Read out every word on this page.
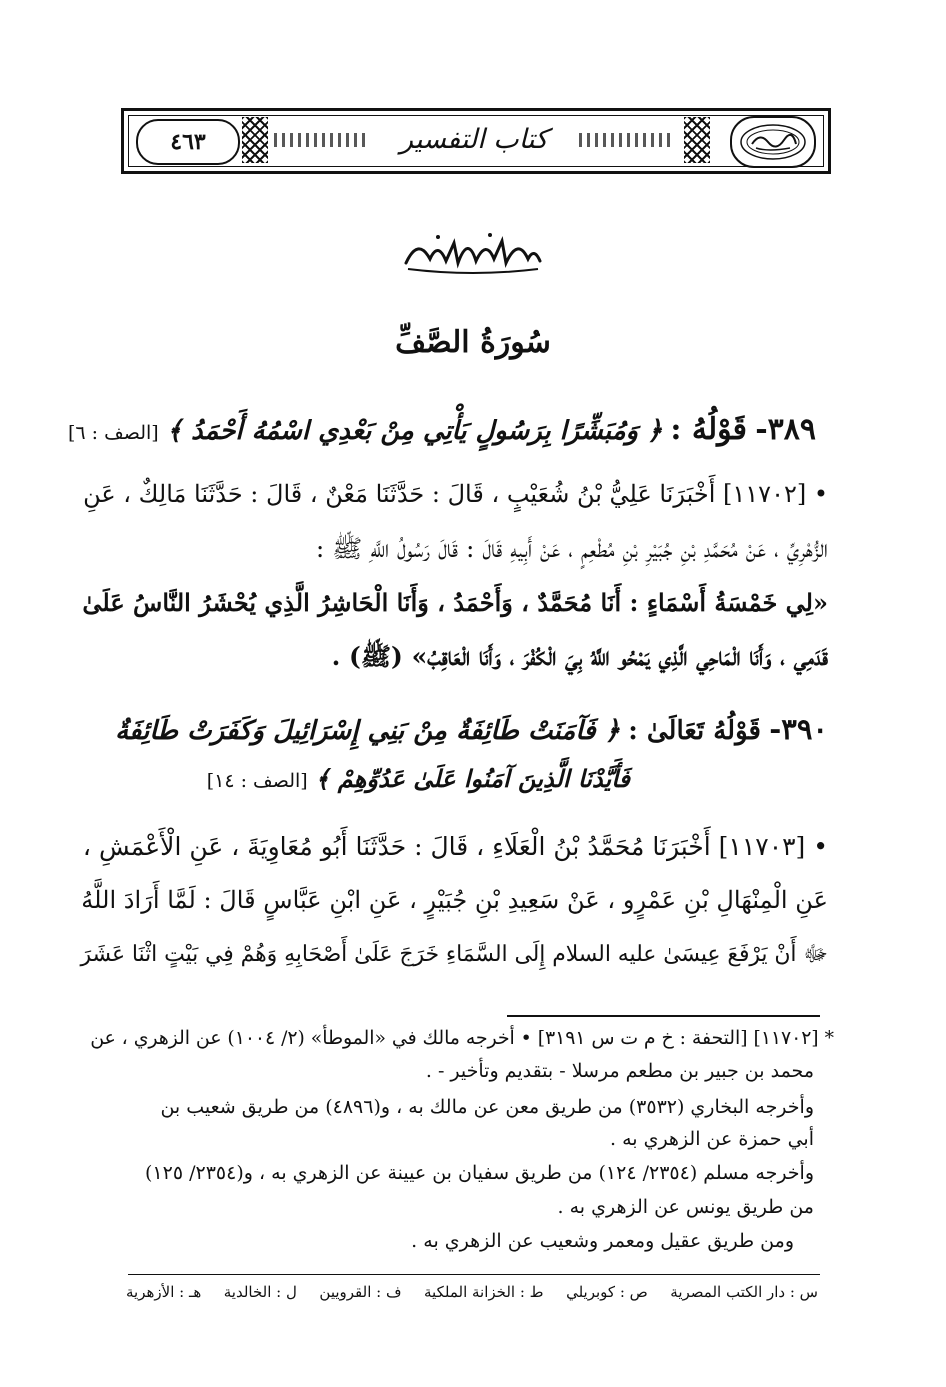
٤٦٣	كتاب التفسير
سُورَةُ الصَّفِّ
٣٨٩- قَوْلُهُ : ﴿ وَمُبَشِّرًا بِرَسُولٍ يَأْتِي مِنْ بَعْدِي اسْمُهُ أَحْمَدُ ﴾ [الصف : ٦]
• [١١٧٠٢] أَخْبَرَنَا عَلِيُّ بْنُ شُعَيْبٍ ، قَالَ : حَدَّثَنَا مَعْنٌ ، قَالَ : حَدَّثَنَا مَالِكٌ ، عَنِ
الزُّهْرِيِّ ، عَنْ مُحَمَّدِ بْنِ جُبَيْرِ بْنِ مُطْعِمٍ ، عَنْ أَبِيهِ قَالَ : قَالَ رَسُولُ اللَّهِ ﷺ :
«لِي خَمْسَةُ أَسْمَاءٍ : أَنَا مُحَمَّدٌ ، وَأَحْمَدُ ، وَأَنَا الْحَاشِرُ الَّذِي يُحْشَرُ النَّاسُ عَلَىٰ
قَدَمِي ، وَأَنَا الْمَاحِي الَّذِي يَمْحُو اللَّهُ بِيَ الْكُفْرَ ، وَأَنَا الْعَاقِبُ» (ﷺ) .
٣٩٠- قَوْلُهُ تَعَالَىٰ : ﴿ فَآمَنَتْ طَائِفَةٌ مِنْ بَنِي إِسْرَائِيلَ وَكَفَرَتْ طَائِفَةٌ
فَأَيَّدْنَا الَّذِينَ آمَنُوا عَلَىٰ عَدُوِّهِمْ ﴾ [الصف : ١٤]
• [١١٧٠٣] أَخْبَرَنَا مُحَمَّدُ بْنُ الْعَلَاءِ ، قَالَ : حَدَّثَنَا أَبُو مُعَاوِيَةَ ، عَنِ الْأَعْمَشِ ،
عَنِ الْمِنْهَالِ بْنِ عَمْرٍو ، عَنْ سَعِيدِ بْنِ جُبَيْرٍ ، عَنِ ابْنِ عَبَّاسٍ قَالَ : لَمَّا أَرَادَ اللَّهُ
ﷻ أَنْ يَرْفَعَ عِيسَىٰ عليه السلام إِلَى السَّمَاءِ خَرَجَ عَلَىٰ أَصْحَابِهِ وَهُمْ فِي بَيْتٍ اثْنَا عَشَرَ
* [١١٧٠٢] [التحفة : خ م ت س ٣١٩١] • أخرجه مالك في «الموطأ» (٢/ ١٠٠٤) عن الزهري ، عن
محمد بن جبير بن مطعم مرسلا - بتقديم وتأخير - .
وأخرجه البخاري (٣٥٣٢) من طريق معن عن مالك به ، و(٤٨٩٦) من طريق شعيب بن
أبي حمزة عن الزهري به .
وأخرجه مسلم (٢٣٥٤/ ١٢٤) من طريق سفيان بن عيينة عن الزهري به ، و(٢٣٥٤/ ١٢٥)
من طريق يونس عن الزهري به .
ومن طريق عقيل ومعمر وشعيب عن الزهري به .
س : دار الكتب المصرية
ص : كوبريلي
ط : الخزانة الملكية
ف : القرويين
ل : الخالدية
هـ : الأزهرية
